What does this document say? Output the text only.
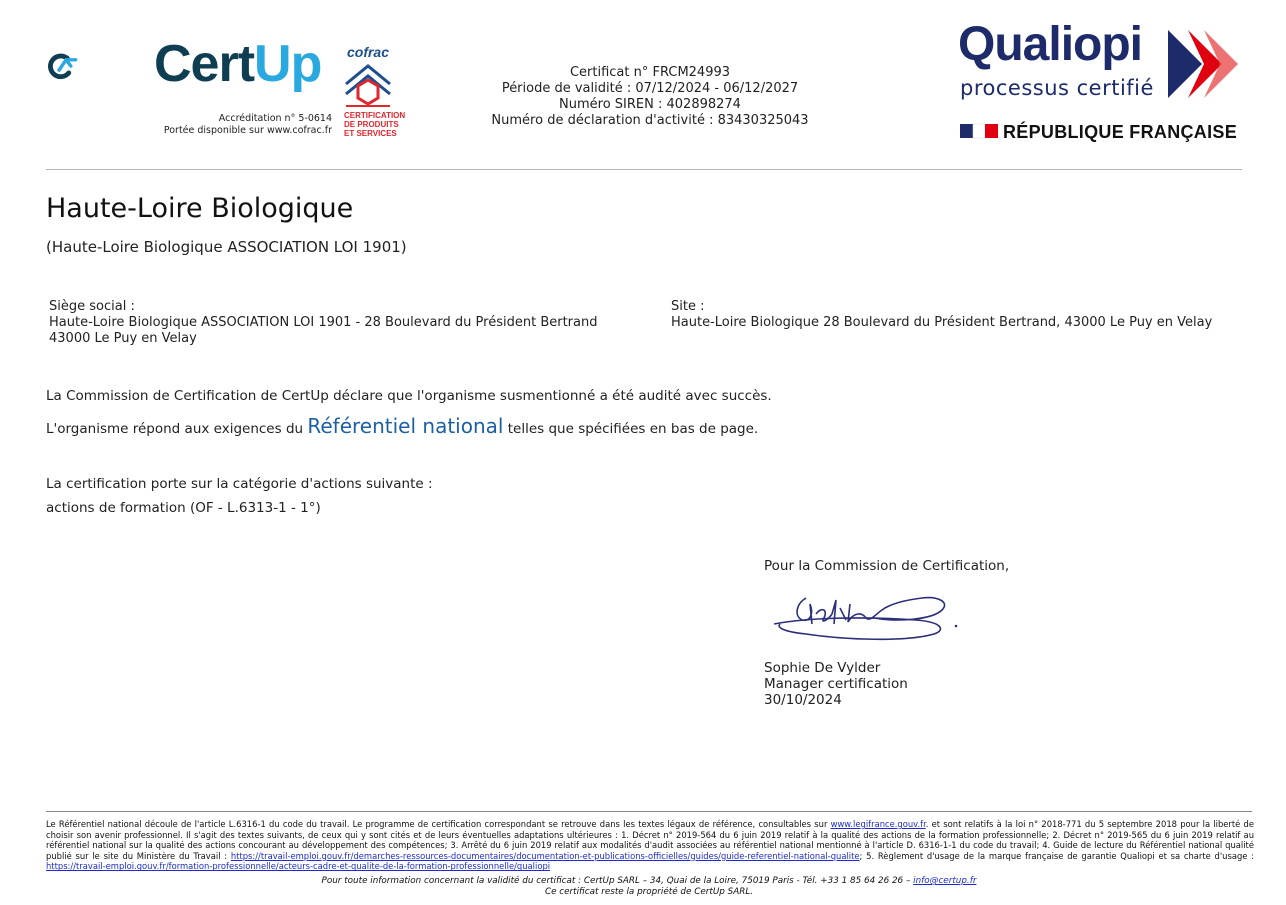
CertUp
Accréditation n° 5-0614
Portée disponible sur www.cofrac.fr
cofrac
CERTIFICATION
DE PRODUITS
ET SERVICES
Certificat n° FRCM24993
Période de validité : 07/12/2024 - 06/12/2027
Numéro SIREN : 402898274
Numéro de déclaration d'activité : 83430325043
Qualiopi
processus certifié
RÉPUBLIQUE FRANÇAISE
Haute-Loire Biologique
(Haute-Loire Biologique ASSOCIATION LOI 1901)
Siège social :
Haute-Loire Biologique ASSOCIATION LOI 1901 - 28 Boulevard du Président Bertrand
43000 Le Puy en Velay
Site :
Haute-Loire Biologique 28 Boulevard du Président Bertrand, 43000 Le Puy en Velay
La Commission de Certification de CertUp déclare que l'organisme susmentionné a été audité avec succès.
L'organisme répond aux exigences du Référentiel national telles que spécifiées en bas de page.
La certification porte sur la catégorie d'actions suivante :
actions de formation (OF - L.6313-1 - 1°)
Pour la Commission de Certification,
Sophie De Vylder
Manager certification
30/10/2024
Le Référentiel national découle de l'article L.6316-1 du code du travail. Le programme de certification correspondant se retrouve dans les textes légaux de référence, consultables sur www.legifrance.gouv.fr. et sont relatifs à la loi n° 2018-771 du 5 septembre 2018 pour la liberté de choisir son avenir professionnel. Il s'agit des textes suivants, de ceux qui y sont cités et de leurs éventuelles adaptations ultérieures : 1. Décret n° 2019-564 du 6 juin 2019 relatif à la qualité des actions de la formation professionnelle; 2. Décret n° 2019-565 du 6 juin 2019 relatif au référentiel national sur la qualité des actions concourant au développement des compétences; 3. Arrêté du 6 juin 2019 relatif aux modalités d'audit associées au référentiel national mentionné à l'article D. 6316-1-1 du code du travail; 4. Guide de lecture du Référentiel national qualité publié sur le site du Ministère du Travail : https://travail-emploi.gouv.fr/demarches-ressources-documentaires/documentation-et-publications-officielles/guides/guide-referentiel-national-qualite; 5. Règlement d'usage de la marque française de garantie Qualiopi et sa charte d'usage : https://travail-emploi.gouv.fr/formation-professionnelle/acteurs-cadre-et-qualite-de-la-formation-professionnelle/qualiopi
Pour toute information concernant la validité du certificat : CertUp SARL – 34, Quai de la Loire, 75019 Paris - Tél. +33 1 85 64 26 26 – info@certup.fr
Ce certificat reste la propriété de CertUp SARL.
